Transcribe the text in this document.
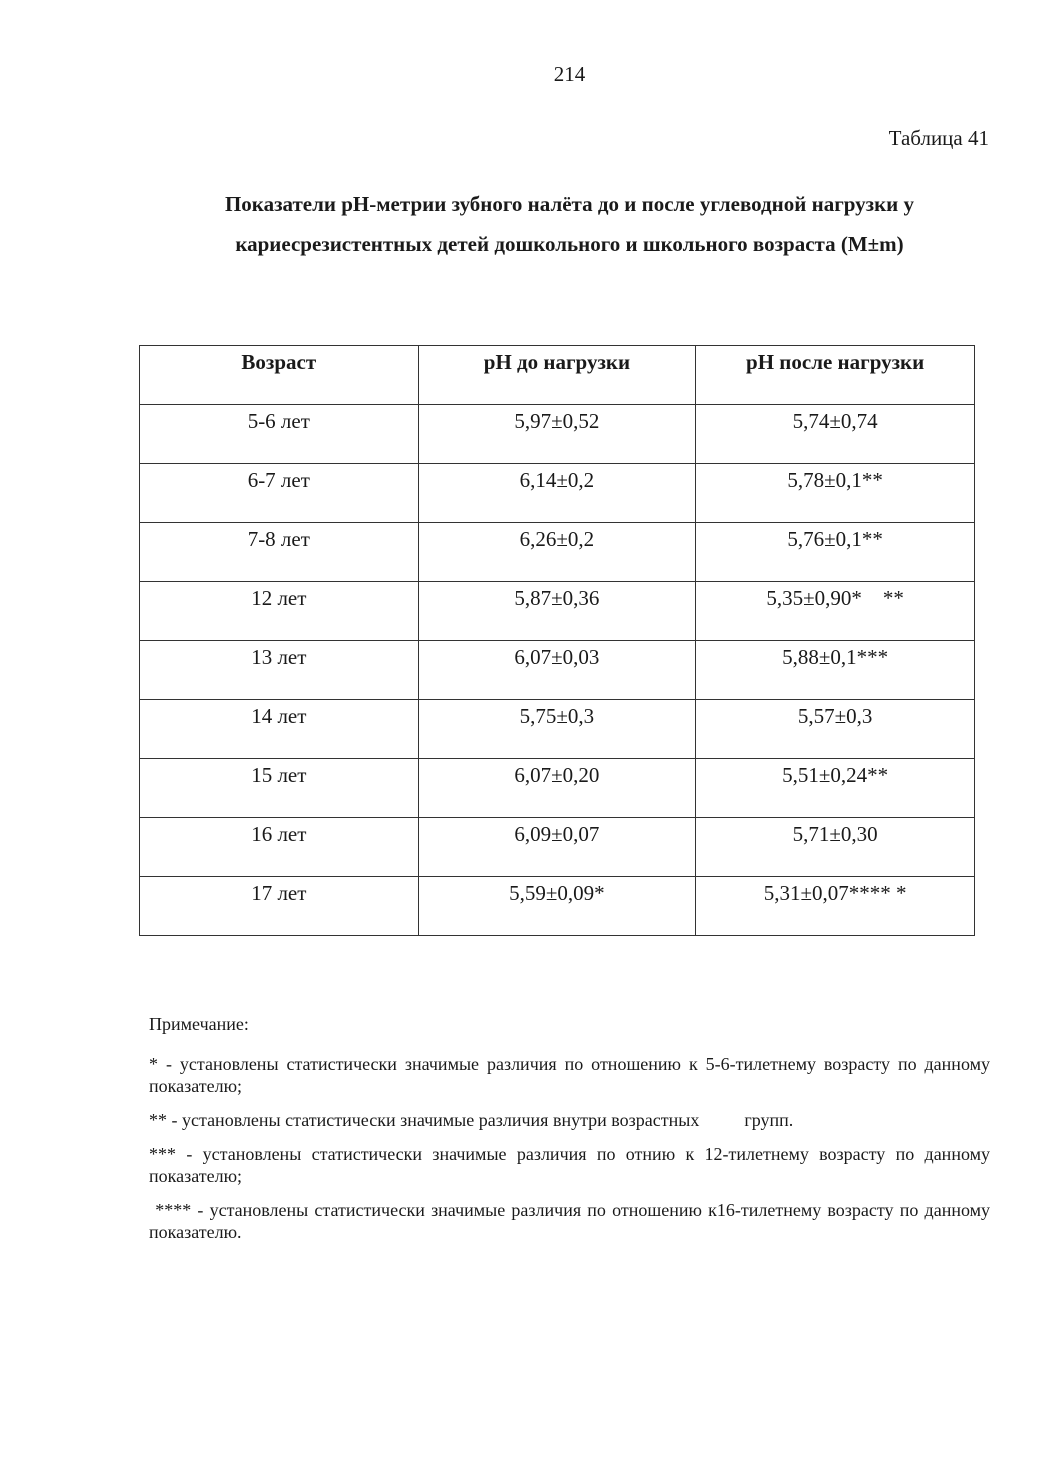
214
Таблица 41
Показатели рН-метрии зубного налёта до и после углеводной нагрузки у
кариесрезистентных детей дошкольного и школьного возраста (M±m)
Возраст	рН до нагрузки	рН после нагрузки
5-6 лет	5,97±0,52	5,74±0,74
6-7 лет	6,14±0,2	5,78±0,1**
7-8 лет	6,26±0,2	5,76±0,1**
12 лет	5,87±0,36	5,35±0,90*    **
13 лет	6,07±0,03	5,88±0,1***
14 лет	5,75±0,3	5,57±0,3
15 лет	6,07±0,20	5,51±0,24**
16 лет	6,09±0,07	5,71±0,30
17 лет	5,59±0,09*	5,31±0,07**** *

Примечание:

* - установлены статистически значимые различия по отношению к 5-6-тилетнему возрасту по данному показателю;

** - установлены статистически значимые различия внутри возрастных          групп.

*** - установлены статистически значимые различия по отнию к 12-тилетнему возрасту по данному показателю;

**** - установлены статистически значимые различия по отношению к16-тилетнему возрасту по данному показателю.
